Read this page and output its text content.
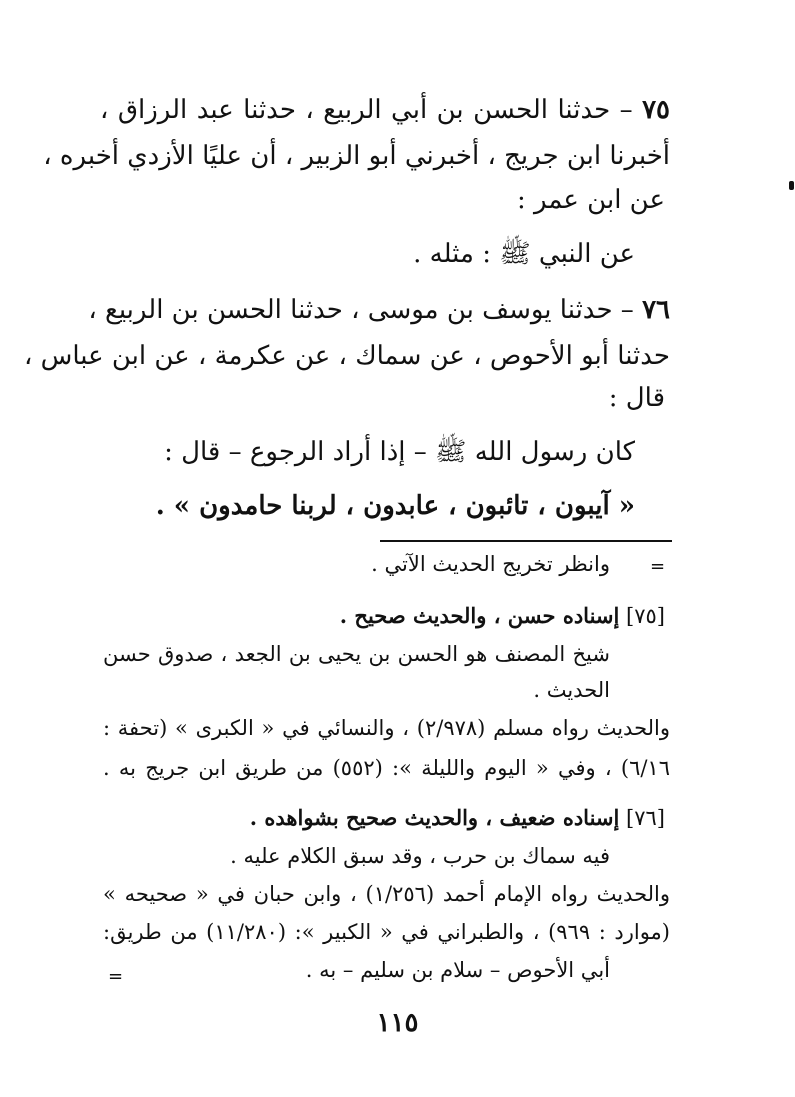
٧٥ – حدثنا الحسن بن أبي الربيع ، حدثنا عبد الرزاق ،
أخبرنا ابن جريج ، أخبرني أبو الزبير ، أن عليًا الأزدي أخبره ،
عن ابن عمر :
عن النبي ﷺ : مثله .
٧٦ – حدثنا يوسف بن موسى ، حدثنا الحسن بن الربيع ،
حدثنا أبو الأحوص ، عن سماك ، عن عكرمة ، عن ابن عباس ،
قال :
كان رسول الله ﷺ – إذا أراد الرجوع – قال :
« آيبون ، تائبون ، عابدون ، لربنا حامدون » .
=
وانظر تخريج الحديث الآتي .
[٧٥] إسناده حسن ، والحديث صحيح .
شيخ المصنف هو الحسن بن يحيى بن الجعد ، صدوق حسن
الحديث .
والحديث رواه مسلم (٢/٩٧٨) ، والنسائي في « الكبرى » (تحفة :
٦/١٦) ، وفي « اليوم والليلة »: (٥٥٢) من طريق ابن جريج به .
[٧٦] إسناده ضعيف ، والحديث صحيح بشواهده .
فيه سماك بن حرب ، وقد سبق الكلام عليه .
والحديث رواه الإمام أحمد (١/٢٥٦) ، وابن حبان في « صحيحه »
(موارد : ٩٦٩) ، والطبراني في « الكبير »: (١١/٢٨٠) من طريق:
أبي الأحوص – سلام بن سليم – به .
=
١١٥
